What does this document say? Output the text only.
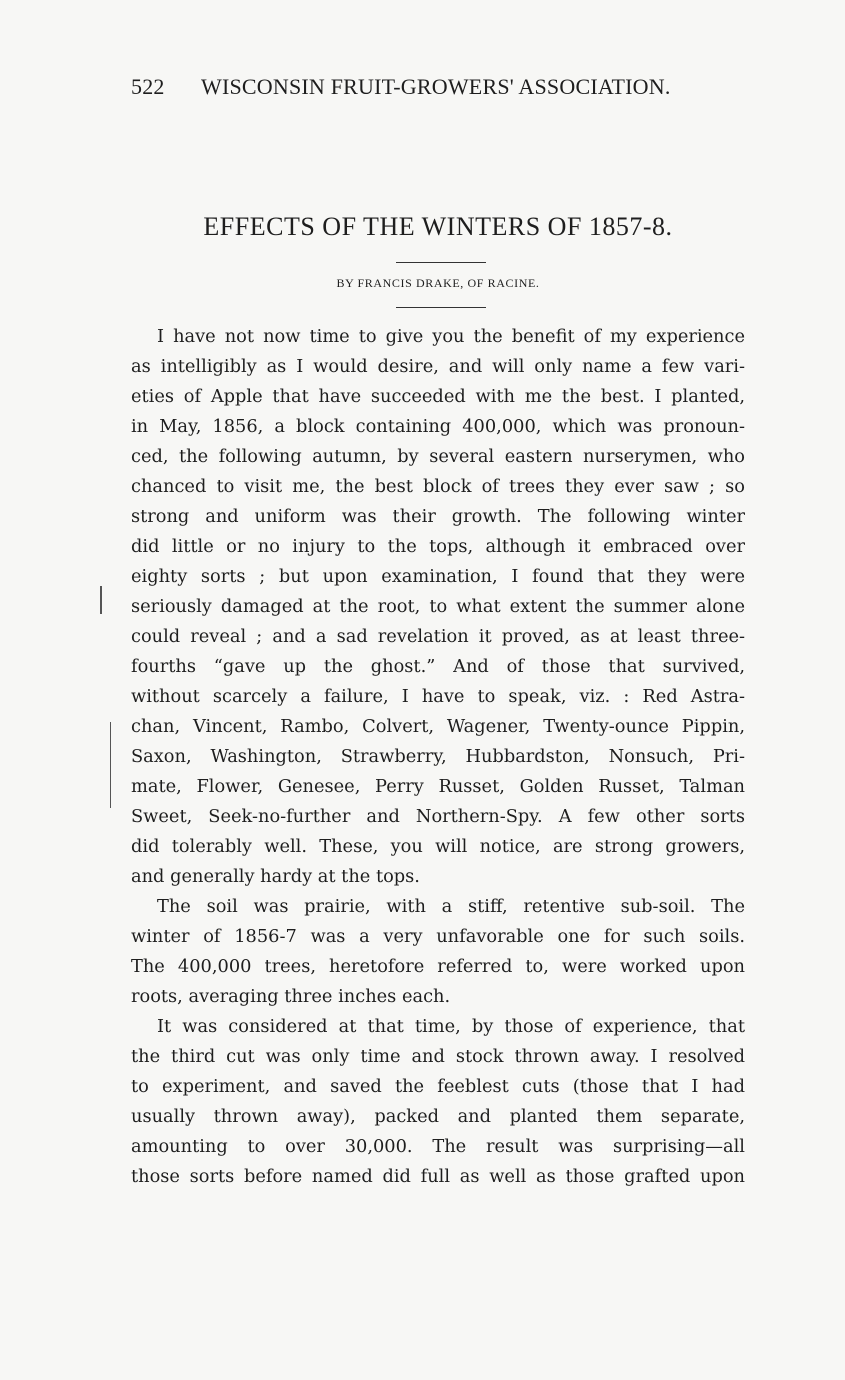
522 WISCONSIN FRUIT-GROWERS' ASSOCIATION.
EFFECTS OF THE WINTERS OF 1857-8.
BY FRANCIS DRAKE, OF RACINE.
I have not now time to give you the benefit of my experience
as intelligibly as I would desire, and will only name a few vari-
eties of Apple that have succeeded with me the best. I planted,
in May, 1856, a block containing 400,000, which was pronoun-
ced, the following autumn, by several eastern nurserymen, who
chanced to visit me, the best block of trees they ever saw ; so
strong and uniform was their growth. The following winter
did little or no injury to the tops, although it embraced over
eighty sorts ; but upon examination, I found that they were
seriously damaged at the root, to what extent the summer alone
could reveal ; and a sad revelation it proved, as at least three-
fourths “gave up the ghost.” And of those that survived,
without scarcely a failure, I have to speak, viz. : Red Astra-
chan, Vincent, Rambo, Colvert, Wagener, Twenty-ounce Pippin,
Saxon, Washington, Strawberry, Hubbardston, Nonsuch, Pri-
mate, Flower, Genesee, Perry Russet, Golden Russet, Talman
Sweet, Seek-no-further and Northern-Spy. A few other sorts
did tolerably well. These, you will notice, are strong growers,
and generally hardy at the tops.
The soil was prairie, with a stiff, retentive sub-soil. The
winter of 1856-7 was a very unfavorable one for such soils.
The 400,000 trees, heretofore referred to, were worked upon
roots, averaging three inches each.
It was considered at that time, by those of experience, that
the third cut was only time and stock thrown away. I resolved
to experiment, and saved the feeblest cuts (those that I had
usually thrown away), packed and planted them separate,
amounting to over 30,000. The result was surprising—all
those sorts before named did full as well as those grafted upon
